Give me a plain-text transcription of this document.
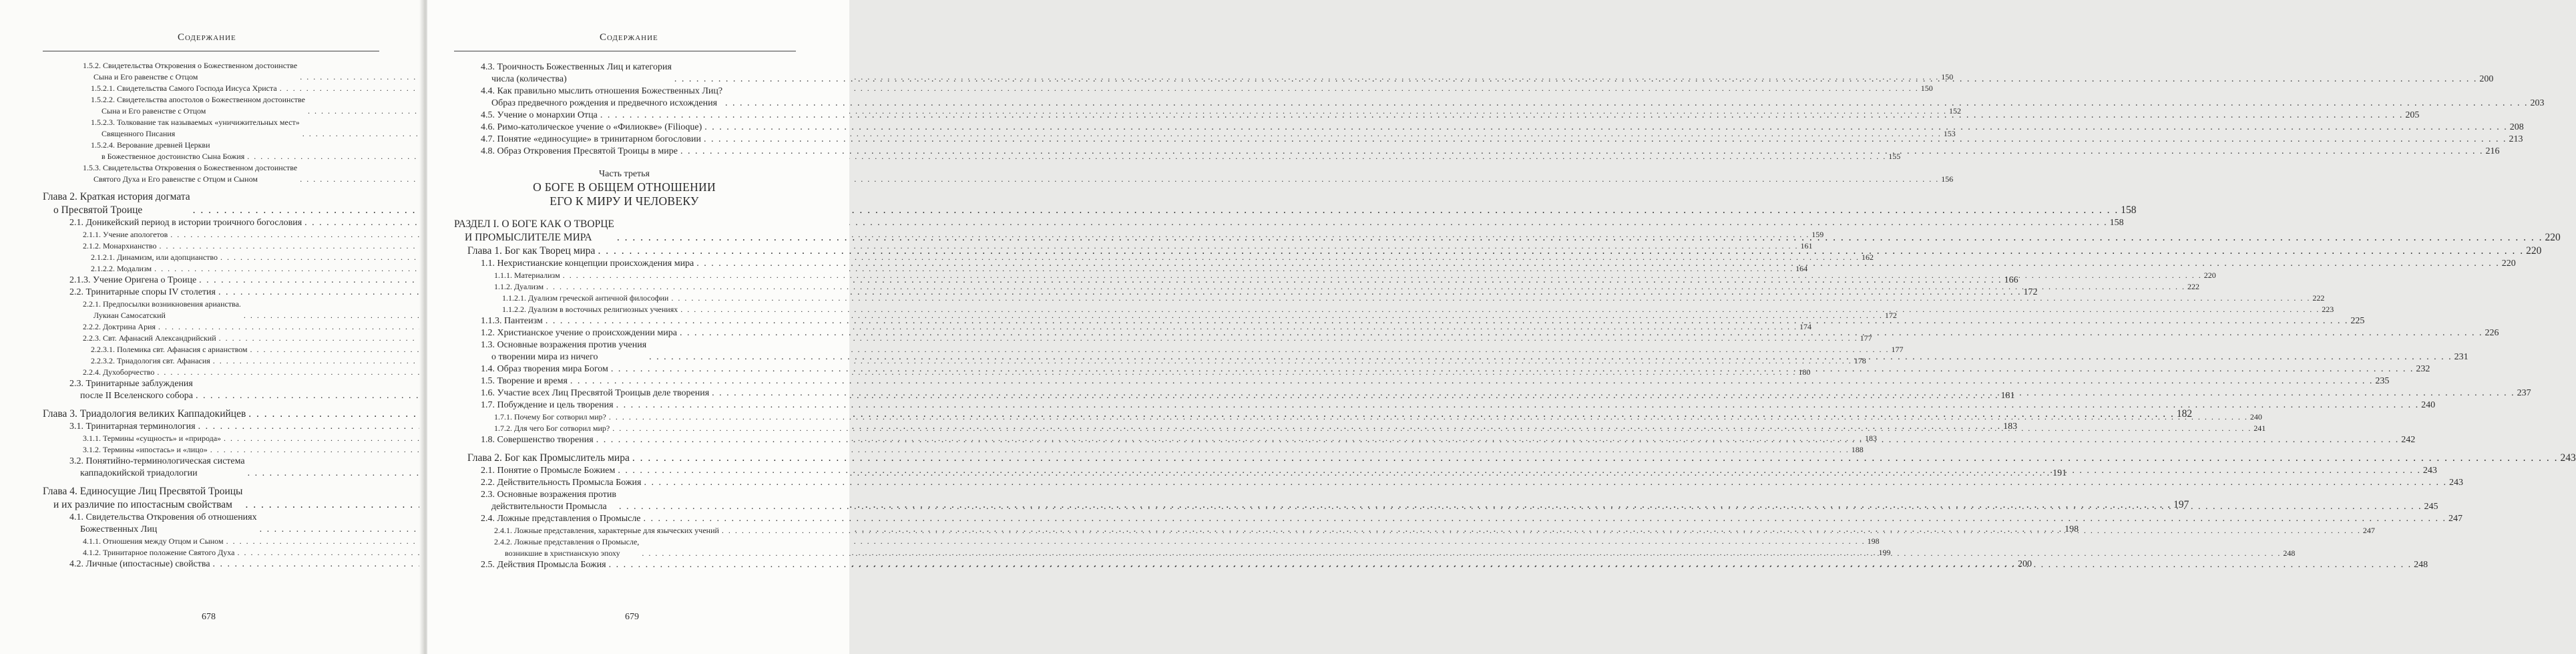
Содержание
1.5.2. Свидетельства Откровения о Божественном достоинстве
Сына и Его равенстве с Отцом . . .	150
1.5.2.1. Свидетельства Самого Господа Иисуса Христа . . .	150
1.5.2.2. Свидетельства апостолов о Божественном достоинстве
Сына и Его равенстве с Отцом . . .	152
1.5.2.3. Толкование так называемых «уничижительных мест»
Священного Писания . . .	153
1.5.2.4. Верование древней Церкви
в Божественное достоинство Сына Божия . . .	155
1.5.3. Свидетельства Откровения о Божественном достоинстве
Святого Духа и Его равенстве с Отцом и Сыном . . .	156
Глава 2. Краткая история догмата
о Пресвятой Троице . . .	158
2.1. Доникейский период в истории троичного богословия . . .	158
2.1.1. Учение апологетов . . .	159
2.1.2. Монархианство . . .	161
2.1.2.1. Динамизм, или адопцианство . . .	162
2.1.2.2. Модализм . . .	164
2.1.3. Учение Оригена о Троице . . .	166
2.2. Тринитарные споры IV столетия . . .	172
2.2.1. Предпосылки возникновения арианства.
Лукиан Самосатский . . .	172
2.2.2. Доктрина Ария . . .	174
2.2.3. Свт. Афанасий Александрийский . . .	177
2.2.3.1. Полемика свт. Афанасия с арианством . . .	177
2.2.3.2. Триадология свт. Афанасия . . .	178
2.2.4. Духоборчество . . .	180
2.3. Тринитарные заблуждения
после II Вселенского собора . . .	181
Глава 3. Триадология великих Каппадокийцев . . .	182
3.1. Тринитарная терминология . . .	183
3.1.1. Термины «сущность» и «природа» . . .	183
3.1.2. Термины «ипостась» и «лицо» . . .	188
3.2. Понятийно-терминологическая система
каппадокийской триадологии . . .	191
Глава 4. Единосущие Лиц Пресвятой Троицы
и их различие по ипостасным свойствам . . .	197
4.1. Свидетельства Откровения об отношениях
Божественных Лиц . . .	198
4.1.1. Отношения между Отцом и Сыном . . .	198
4.1.2. Тринитарное положение Святого Духа . . .	199
4.2. Личные (ипостасные) свойства . . .	200
678
Содержание
4.3. Троичность Божественных Лиц и категория
числа (количества) . . .	200
4.4. Как правильно мыслить отношения Божественных Лиц?
Образ предвечного рождения и предвечного исхождения . . .	203
4.5. Учение о монархии Отца . . .	205
4.6. Римо-католическое учение о «Филиокве» (Filioque) . . .	208
4.7. Понятие «единосущие» в тринитарном богословии . . .	213
4.8. Образ Откровения Пресвятой Троицы в мире . . .	216
Часть третья
О БОГЕ В ОБЩЕМ ОТНОШЕНИИ
ЕГО К МИРУ И ЧЕЛОВЕКУ
РАЗДЕЛ I. О БОГЕ КАК О ТВОРЦЕ
И ПРОМЫСЛИТЕЛЕ МИРА . . .	220
Глава 1. Бог как Творец мира . . .	220
1.1. Нехристианские концепции происхождения мира . . .	220
1.1.1. Материализм . . .	220
1.1.2. Дуализм . . .	222
1.1.2.1. Дуализм греческой античной философии . . .	222
1.1.2.2. Дуализм в восточных религиозных учениях . . .	223
1.1.3. Пантеизм . . .	225
1.2. Христианское учение о происхождении мира . . .	226
1.3. Основные возражения против учения
о творении мира из ничего . . .	231
1.4. Образ творения мира Богом . . .	232
1.5. Творение и время . . .	235
1.6. Участие всех Лиц Пресвятой Троицыв деле творения . . .	237
1.7. Побуждение и цель творения . . .	240
1.7.1. Почему Бог сотворил мир? . . .	240
1.7.2. Для чего Бог сотворил мир? . . .	241
1.8. Совершенство творения . . .	242
Глава 2. Бог как Промыслитель мира . . .	243
2.1. Понятие о Промысле Божием . . .	243
2.2. Действительность Промысла Божия . . .	243
2.3. Основные возражения против
действительности Промысла . . .	245
2.4. Ложные представления о Промысле . . .	247
2.4.1. Ложные представления, характерные для языческих учений . . .	247
2.4.2. Ложные представления о Промысле,
возникшие в христианскую эпоху . . .	248
2.5. Действия Промысла Божия . . .	248
679
